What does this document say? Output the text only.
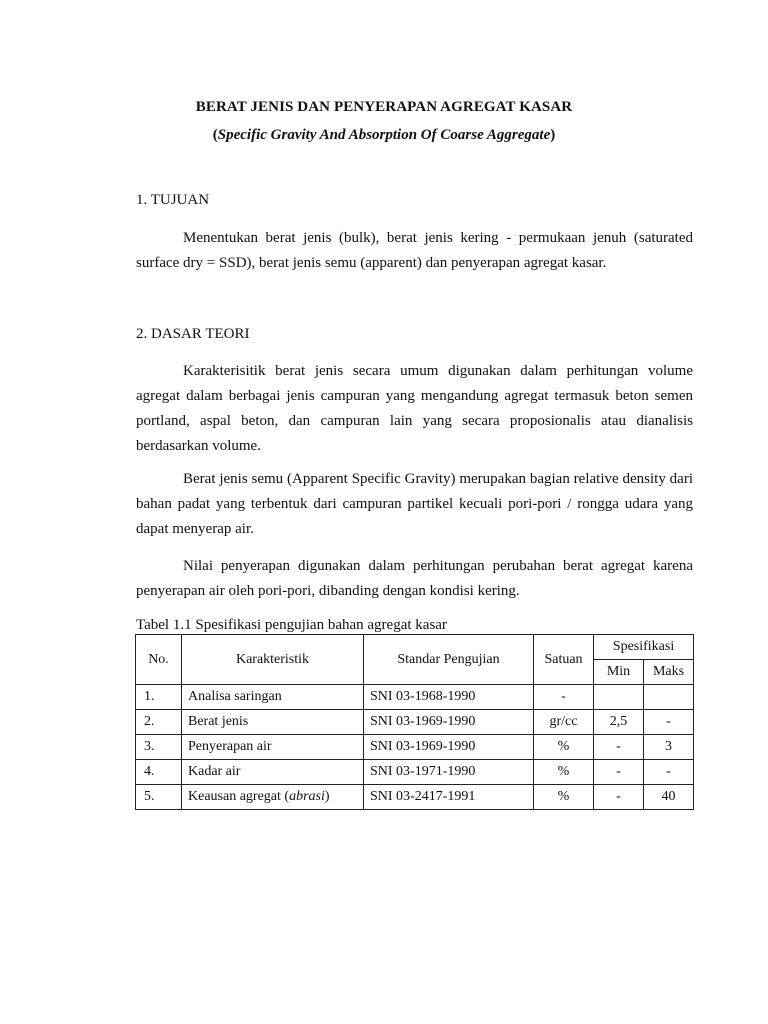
BERAT JENIS DAN PENYERAPAN AGREGAT KASAR
(Specific Gravity And Absorption Of Coarse Aggregate)
1. TUJUAN

Menentukan berat jenis (bulk), berat jenis kering - permukaan jenuh (saturated surface dry = SSD), berat jenis semu (apparent) dan penyerapan agregat kasar.

2. DASAR TEORI

Karakterisitik berat jenis secara umum digunakan dalam perhitungan volume agregat dalam berbagai jenis campuran yang mengandung agregat termasuk beton semen portland, aspal beton, dan campuran lain yang secara proposionalis atau dianalisis berdasarkan volume.

Berat jenis semu (Apparent Specific Gravity) merupakan bagian relative density dari bahan padat yang terbentuk dari campuran partikel kecuali pori-pori / rongga udara yang dapat menyerap air.

Nilai penyerapan digunakan dalam perhitungan perubahan berat agregat karena penyerapan air oleh pori-pori, dibanding dengan kondisi kering.

Tabel 1.1 Spesifikasi pengujian bahan agregat kasar
No.	Karakteristik	Standar Pengujian	Satuan	Spesifikasi	
				Min	Maks
1.	Analisa saringan	SNI 03-1968-1990	-		
2.	Berat jenis	SNI 03-1969-1990	gr/cc	2,5	-
3.	Penyerapan air	SNI 03-1969-1990	%	-	3
4.	Kadar air	SNI 03-1971-1990	%	-	-
5.	Keausan agregat (abrasi)	SNI 03-2417-1991	%	-	40
